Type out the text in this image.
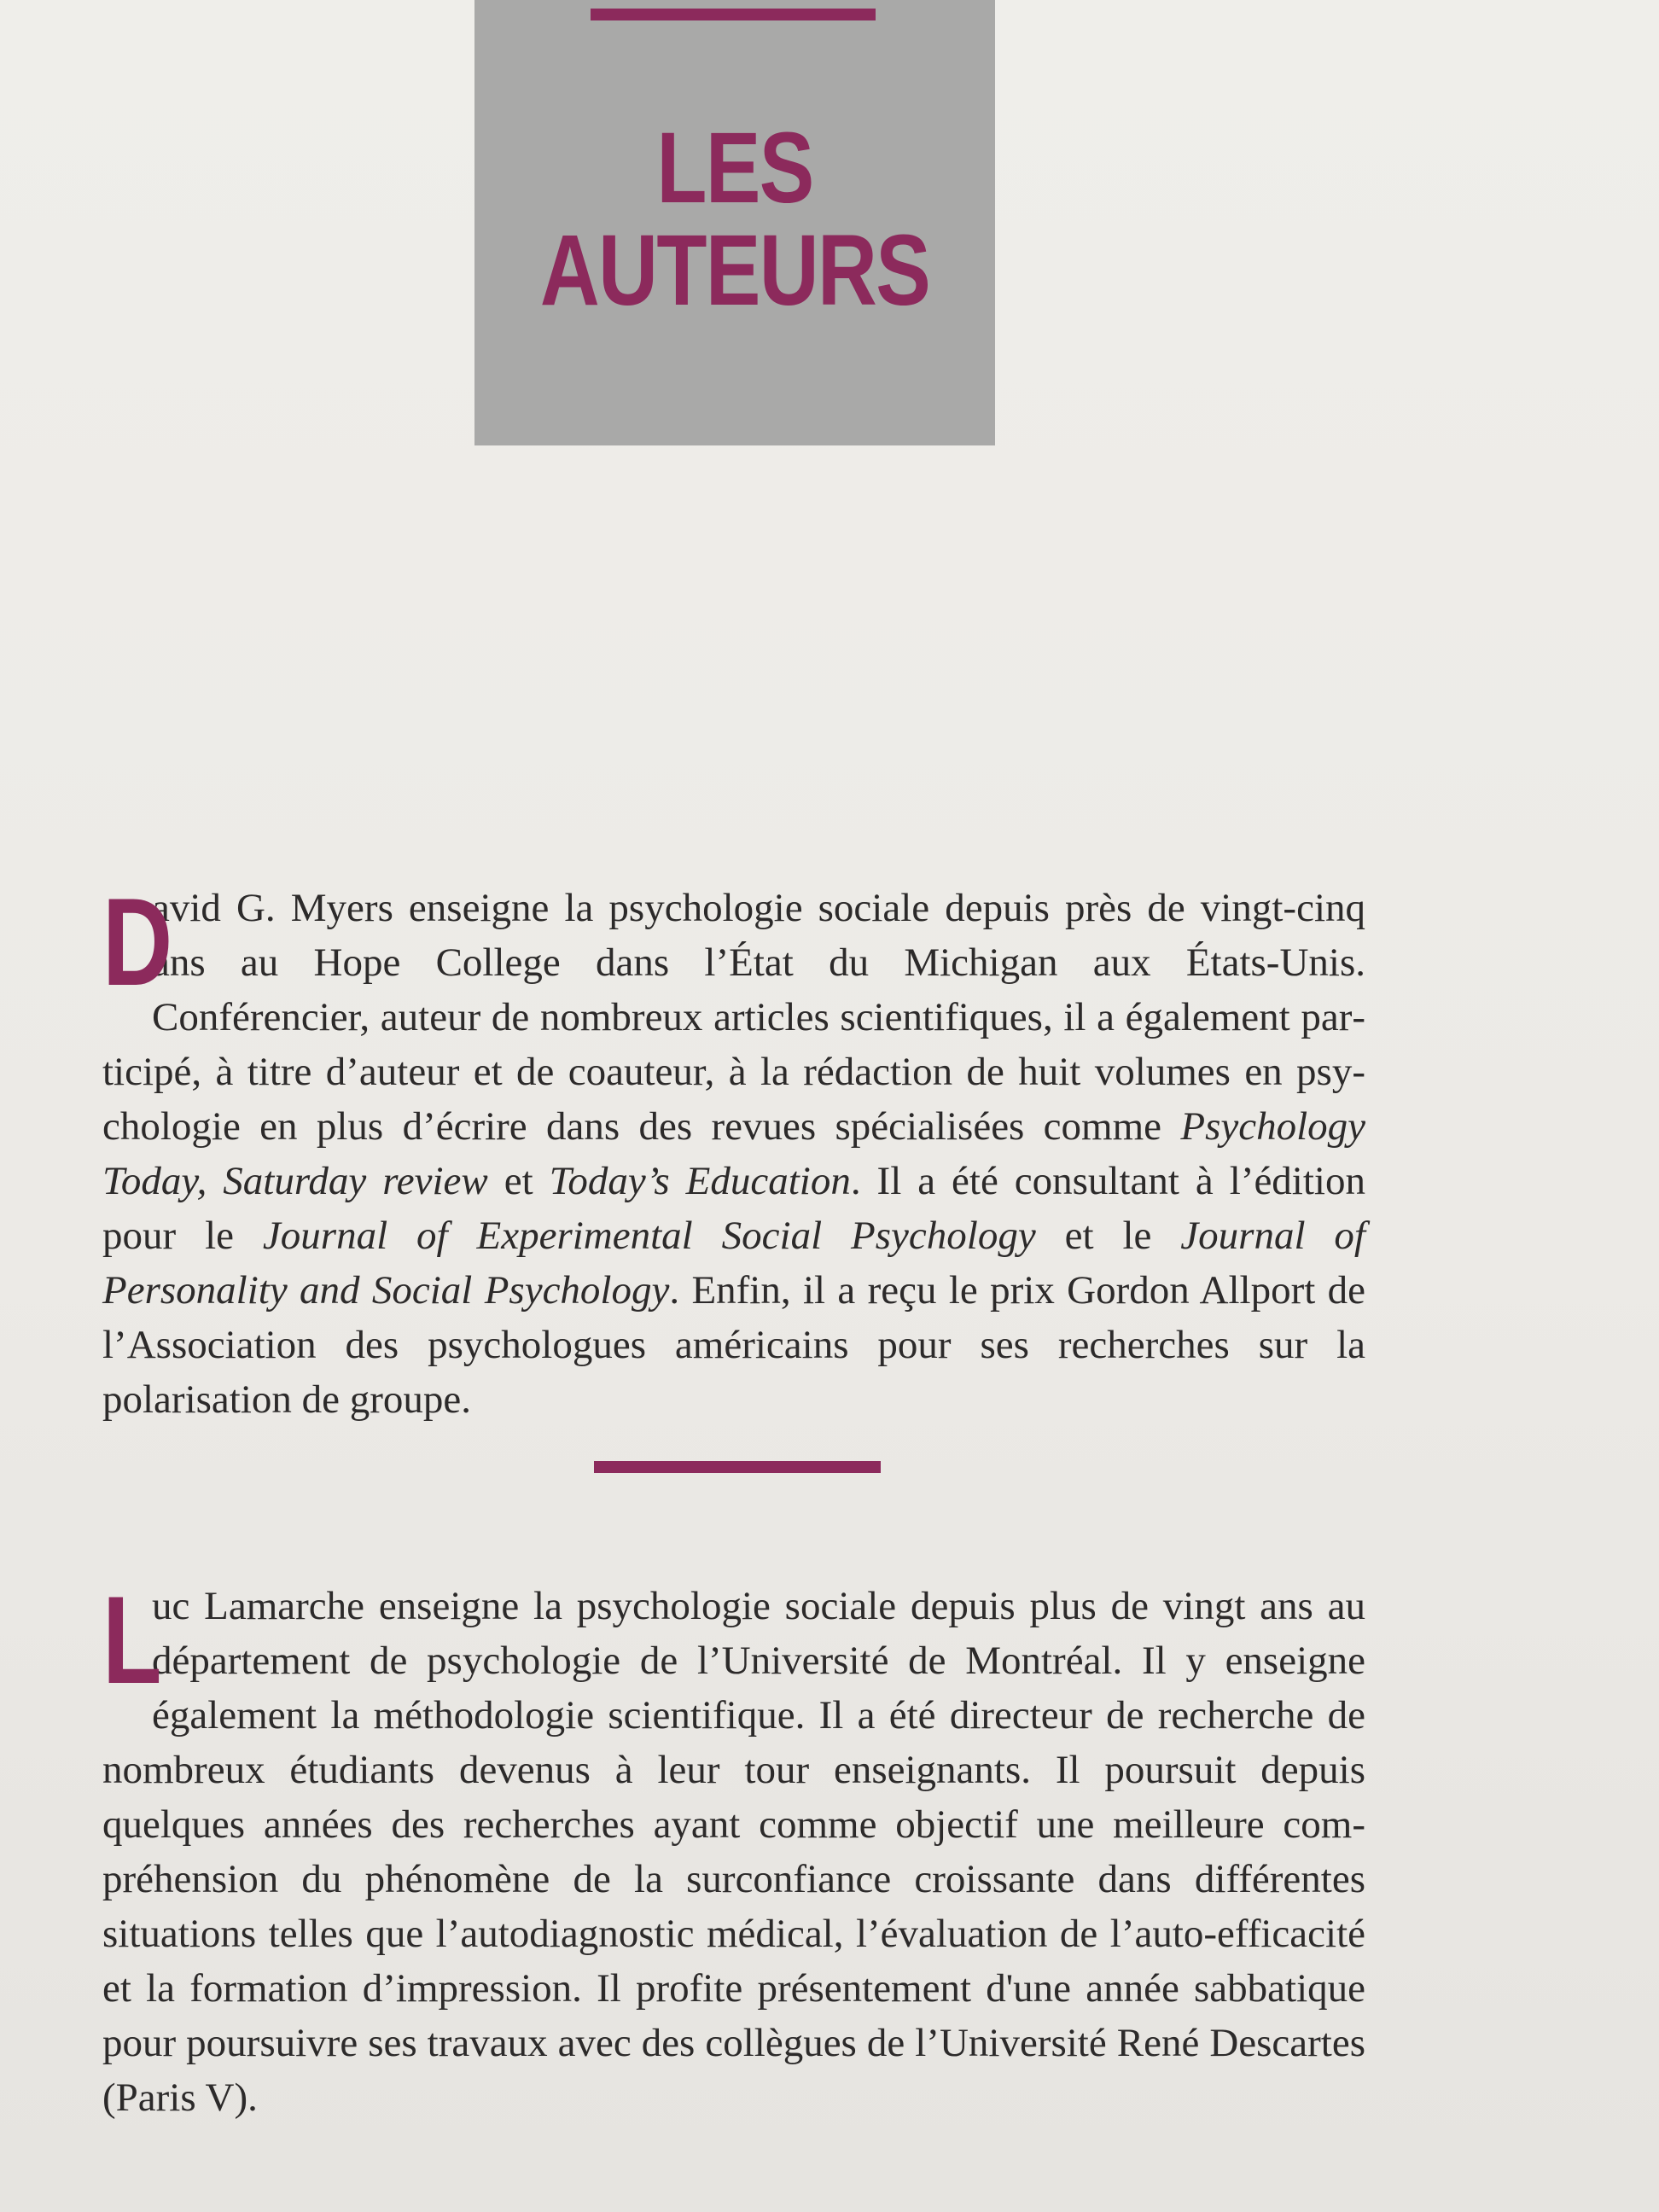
LES
AUTEURS
D
avid G. Myers enseigne la psychologie sociale depuis près de vingt-cinq ans au Hope College dans l’État du Michigan aux États-Unis. Conférencier, auteur de nombreux articles scientifiques, il a également participé, à titre d’auteur et de coauteur, à la rédaction de huit volumes en psychologie en plus d’écrire dans des revues spécialisées comme Psychology Today, Saturday review et Today’s Education. Il a été consultant à l’édition pour le Journal of Experimental Social Psychology et le Journal of Personality and Social Psychology. Enfin, il a reçu le prix Gordon Allport de l’Association des psychologues américains pour ses recherches sur la polarisation de groupe.
L
uc Lamarche enseigne la psychologie sociale depuis plus de vingt ans au département de psychologie de l’Université de Montréal. Il y enseigne également la méthodologie scientifique. Il a été directeur de recherche de nombreux étudiants devenus à leur tour enseignants. Il poursuit depuis quelques années des recherches ayant comme objectif une meilleure compréhension du phénomène de la surconfiance croissante dans différentes situations telles que l’autodiagnostic médical, l’évaluation de l’auto-efficacité et la formation d’impression. Il profite présentement d'une année sabbatique pour poursuivre ses travaux avec des collègues de l’Université René Descartes (Paris V).
